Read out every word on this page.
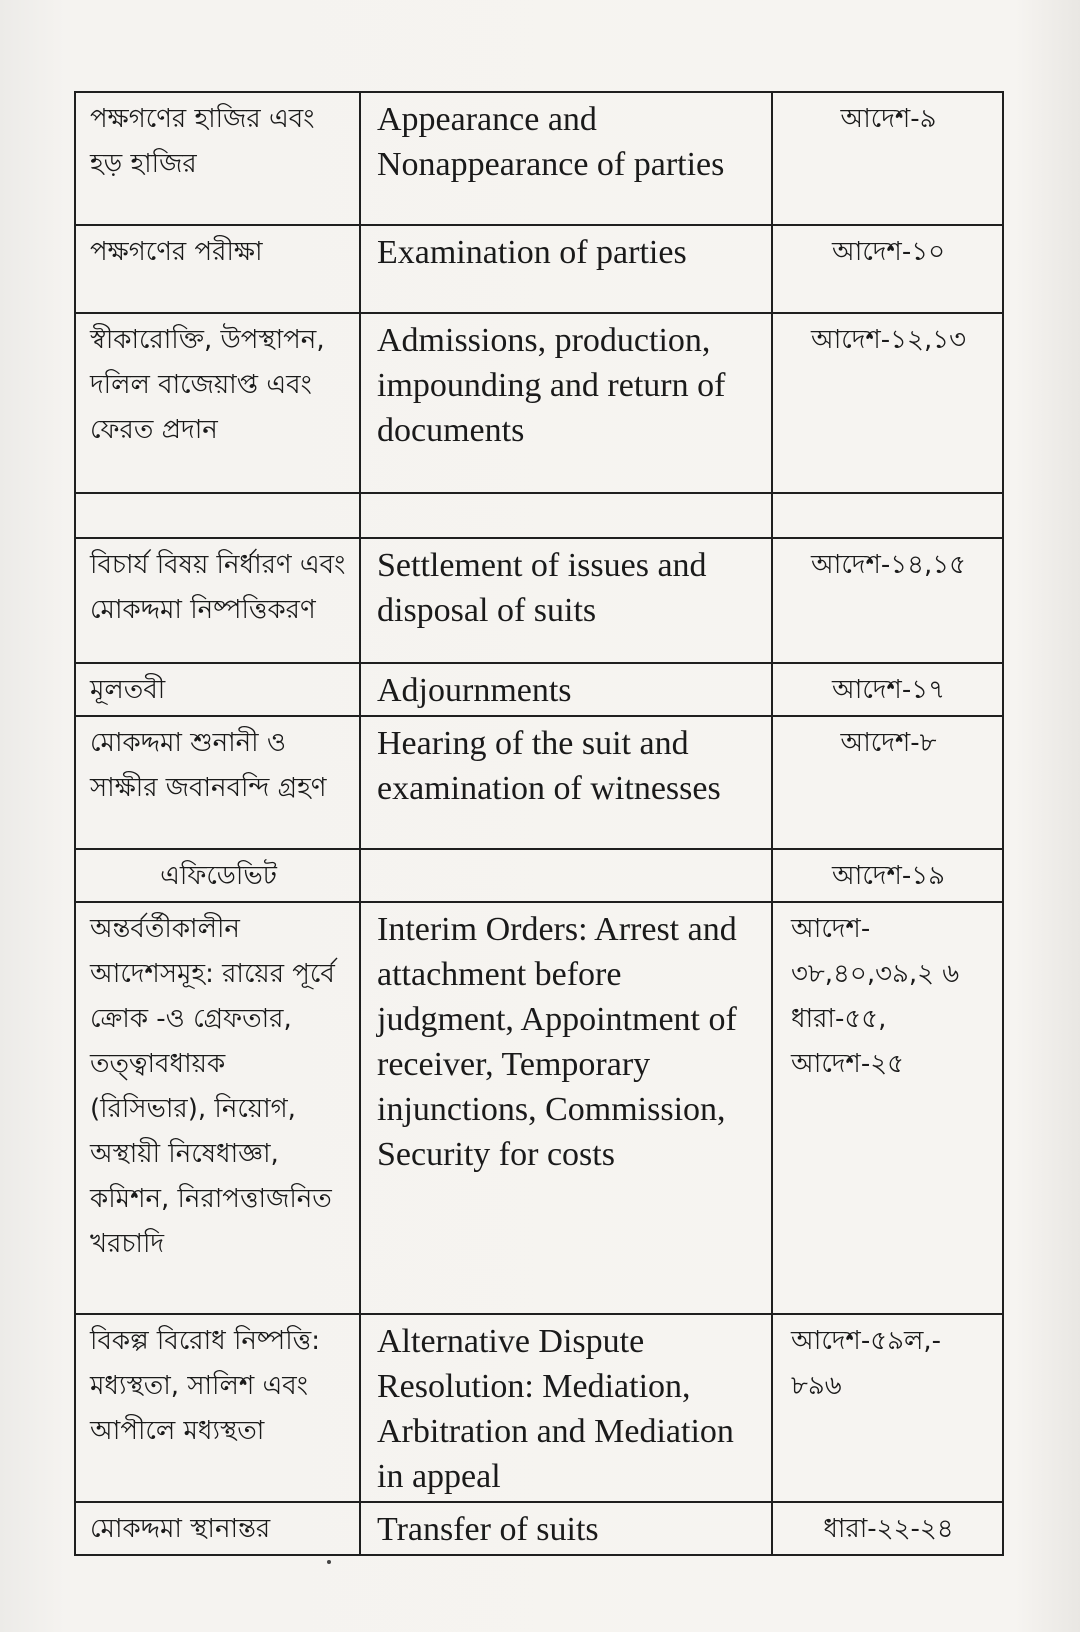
পক্ষগণের হাজির এবং হড় হাজির	Appearance and Nonappearance of parties	আদেশ-৯
পক্ষগণের পরীক্ষা	Examination of parties	আদেশ-১০
স্বীকারোক্তি, উপস্থাপন, দলিল বাজেয়াপ্ত এবং ফেরত প্রদান	Admissions, production, impounding and return of documents	আদেশ-১২,১৩

বিচার্য বিষয় নির্ধারণ এবং মোকদ্দমা নিষ্পত্তিকরণ	Settlement of issues and disposal of suits	আদেশ-১৪,১৫
মূলতবী	Adjournments	আদেশ-১৭
মোকদ্দমা শুনানী ও সাক্ষীর জবানবন্দি গ্রহণ	Hearing of the suit and examination of witnesses	আদেশ-৮
এফিডেভিট		আদেশ-১৯
অন্তর্বর্তীকালীন আদেশসমূহ: রায়ের পূর্বে ক্রোক -ও গ্রেফতার, তত্ত্বাবধায়ক (রিসিভার), নিয়োগ, অস্থায়ী নিষেধাজ্ঞা, কমিশন, নিরাপত্তাজনিত খরচাদি	Interim Orders: Arrest and attachment before judgment, Appointment of receiver, Temporary injunctions, Commission, Security for costs	আদেশ- ৩৮,৪০,৩৯,২ ৬ ধারা-৫৫, আদেশ-২৫
বিকল্প বিরোধ নিষ্পত্তি: মধ্যস্থতা, সালিশ এবং আপীলে মধ্যস্থতা	Alternative Dispute Resolution: Mediation, Arbitration and Mediation in appeal	আদেশ-৫৯ল,- ৮৯৬
মোকদ্দমা স্থানান্তর	Transfer of suits	ধারা-২২-২৪
